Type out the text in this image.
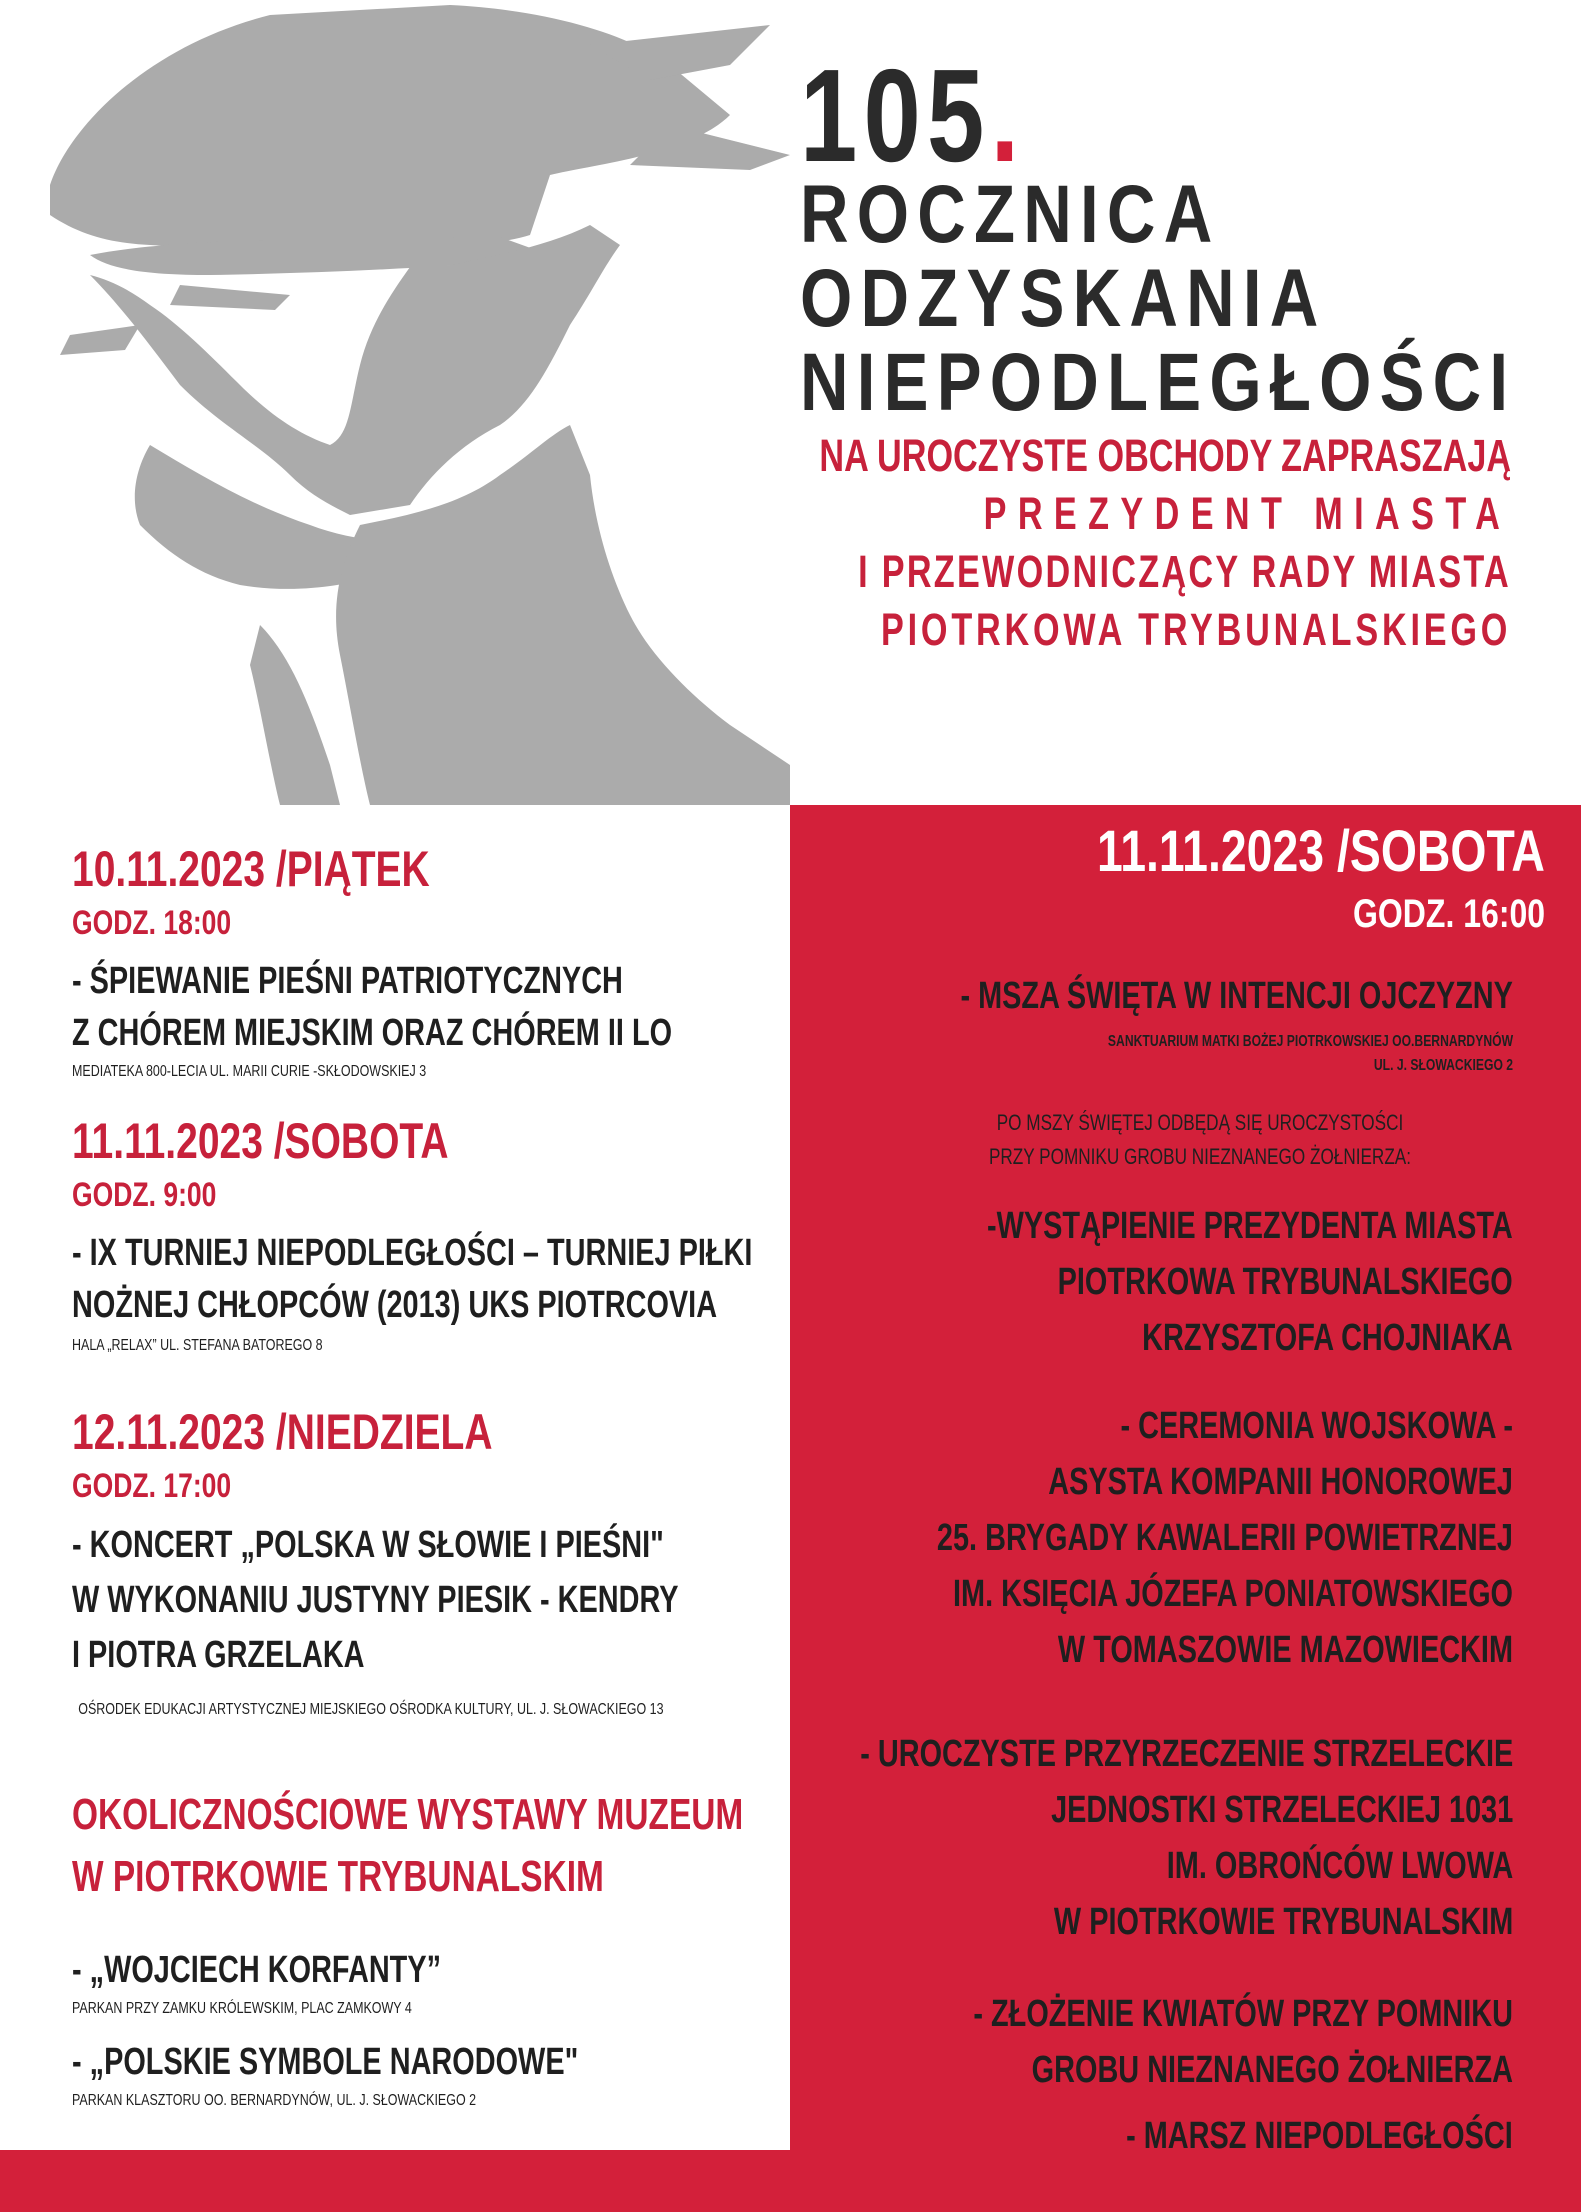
105.
ROCZNICA
ODZYSKANIA
NIEPODLEGŁOŚCI
NA UROCZYSTE OBCHODY ZAPRASZAJĄ
PREZYDENT MIASTA
I PRZEWODNICZĄCY RADY MIASTA
PIOTRKOWA TRYBUNALSKIEGO
10.11.2023 /PIĄTEK
GODZ. 18:00
- ŚPIEWANIE PIEŚNI PATRIOTYCZNYCH
Z CHÓREM MIEJSKIM ORAZ CHÓREM II LO
MEDIATEKA 800-LECIA UL. MARII CURIE -SKŁODOWSKIEJ 3
11.11.2023 /SOBOTA
GODZ. 9:00
- IX TURNIEJ NIEPODLEGŁOŚCI – TURNIEJ PIŁKI
NOŻNEJ CHŁOPCÓW (2013) UKS PIOTRCOVIA
HALA „RELAX” UL. STEFANA BATOREGO 8
12.11.2023 /NIEDZIELA
GODZ. 17:00
- KONCERT „POLSKA W SŁOWIE I PIEŚNI"
W WYKONANIU JUSTYNY PIESIK - KENDRY
I PIOTRA GRZELAKA
OŚRODEK EDUKACJI ARTYSTYCZNEJ MIEJSKIEGO OŚRODKA KULTURY, UL. J. SŁOWACKIEGO 13
OKOLICZNOŚCIOWE WYSTAWY MUZEUM
W PIOTRKOWIE TRYBUNALSKIM
- „WOJCIECH KORFANTY”
PARKAN PRZY ZAMKU KRÓLEWSKIM, PLAC ZAMKOWY 4
- „POLSKIE SYMBOLE NARODOWE"
PARKAN KLASZTORU OO. BERNARDYNÓW, UL. J. SŁOWACKIEGO 2
11.11.2023 /SOBOTA
GODZ. 16:00
- MSZA ŚWIĘTA W INTENCJI OJCZYZNY
SANKTUARIUM MATKI BOŻEJ PIOTRKOWSKIEJ OO.BERNARDYNÓW
UL. J. SŁOWACKIEGO 2
PO MSZY ŚWIĘTEJ ODBĘDĄ SIĘ UROCZYSTOŚCI
PRZY POMNIKU GROBU NIEZNANEGO ŻOŁNIERZA:
-WYSTĄPIENIE PREZYDENTA MIASTA
PIOTRKOWA TRYBUNALSKIEGO
KRZYSZTOFA CHOJNIAKA
- CEREMONIA WOJSKOWA -
ASYSTA KOMPANII HONOROWEJ
25. BRYGADY KAWALERII POWIETRZNEJ
IM. KSIĘCIA JÓZEFA PONIATOWSKIEGO
W TOMASZOWIE MAZOWIECKIM
- UROCZYSTE PRZYRZECZENIE STRZELECKIE
JEDNOSTKI STRZELECKIEJ 1031
IM. OBROŃCÓW LWOWA
W PIOTRKOWIE TRYBUNALSKIM
- ZŁOŻENIE KWIATÓW PRZY POMNIKU
GROBU NIEZNANEGO ŻOŁNIERZA
- MARSZ NIEPODLEGŁOŚCI
